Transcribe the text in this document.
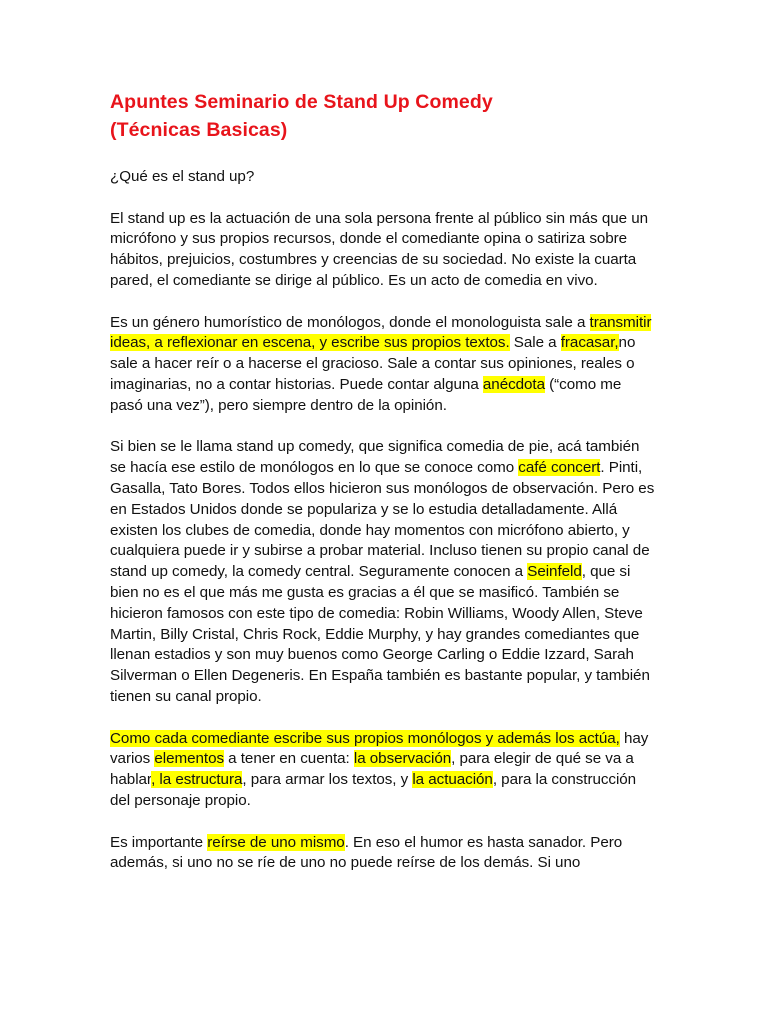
Apuntes Seminario de Stand Up Comedy
(Técnicas Basicas)

¿Qué es el stand up?

El stand up es la actuación de una sola persona frente al público sin más que un micrófono y sus propios recursos, donde el comediante opina o satiriza sobre hábitos, prejuicios, costumbres y creencias de su sociedad. No existe la cuarta pared, el comediante se dirige al público. Es un acto de comedia en vivo.

Es un género humorístico de monólogos, donde el monologuista sale a transmitir ideas, a reflexionar en escena, y escribe sus propios textos. Sale a fracasar,no sale a hacer reír o a hacerse el gracioso. Sale a contar sus opiniones, reales o imaginarias, no a contar historias. Puede contar alguna anécdota (“como me pasó una vez”), pero siempre dentro de la opinión.

Si bien se le llama stand up comedy, que significa comedia de pie, acá también se hacía ese estilo de monólogos en lo que se conoce como café concert. Pinti, Gasalla, Tato Bores. Todos ellos hicieron sus monólogos de observación. Pero es en Estados Unidos donde se populariza y se lo estudia detalladamente. Allá existen los clubes de comedia, donde hay momentos con micrófono abierto, y cualquiera puede ir y subirse a probar material. Incluso tienen su propio canal de stand up comedy, la comedy central. Seguramente conocen a Seinfeld, que si bien no es el que más me gusta es gracias a él que se masificó. También se hicieron famosos con este tipo de comedia: Robin Williams, Woody Allen, Steve Martin, Billy Cristal, Chris Rock, Eddie Murphy, y hay grandes comediantes que llenan estadios y son muy buenos como George Carling o Eddie Izzard, Sarah Silverman o Ellen Degeneris. En España también es bastante popular, y también tienen su canal propio.

Como cada comediante escribe sus propios monólogos y además los actúa, hay varios elementos a tener en cuenta: la observación, para elegir de qué se va a hablar, la estructura, para armar los textos, y la actuación, para la construcción del personaje propio.

Es importante reírse de uno mismo. En eso el humor es hasta sanador. Pero además, si uno no se ríe de uno no puede reírse de los demás. Si uno
